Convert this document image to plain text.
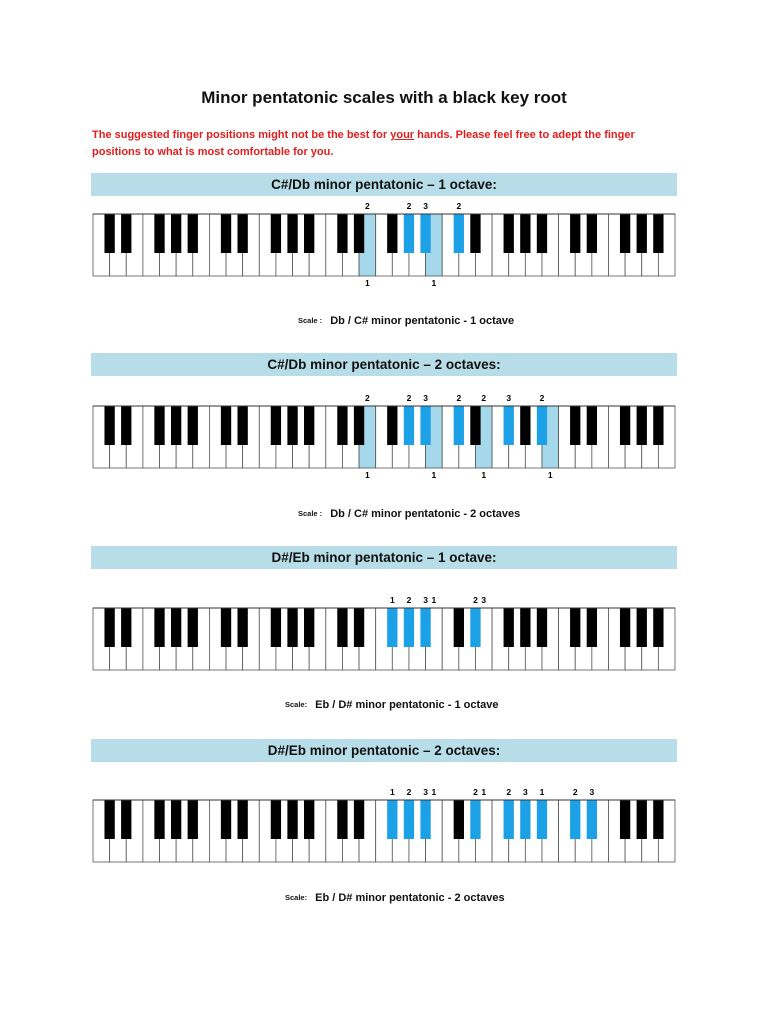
Minor pentatonic scales with a black key root
The suggested finger positions might not be the best for your hands. Please feel free to adept the finger positions to what is most comfortable for you.
C#/Db minor pentatonic – 1 octave:
2	2 3	2
1	1
Scale : Db / C# minor pentatonic - 1 octave
C#/Db minor pentatonic – 2 octaves:
2	2 3	2 2 3	2
1	1	1	1
Scale : Db / C# minor pentatonic - 2 octaves
D#/Eb minor pentatonic – 1 octave:
1 2 3 1	2 3
Scale: Eb / D# minor pentatonic - 1 octave
D#/Eb minor pentatonic – 2 octaves:
1 2 3 1	2 1 2 3 1	2 3
Scale: Eb / D# minor pentatonic - 2 octaves
